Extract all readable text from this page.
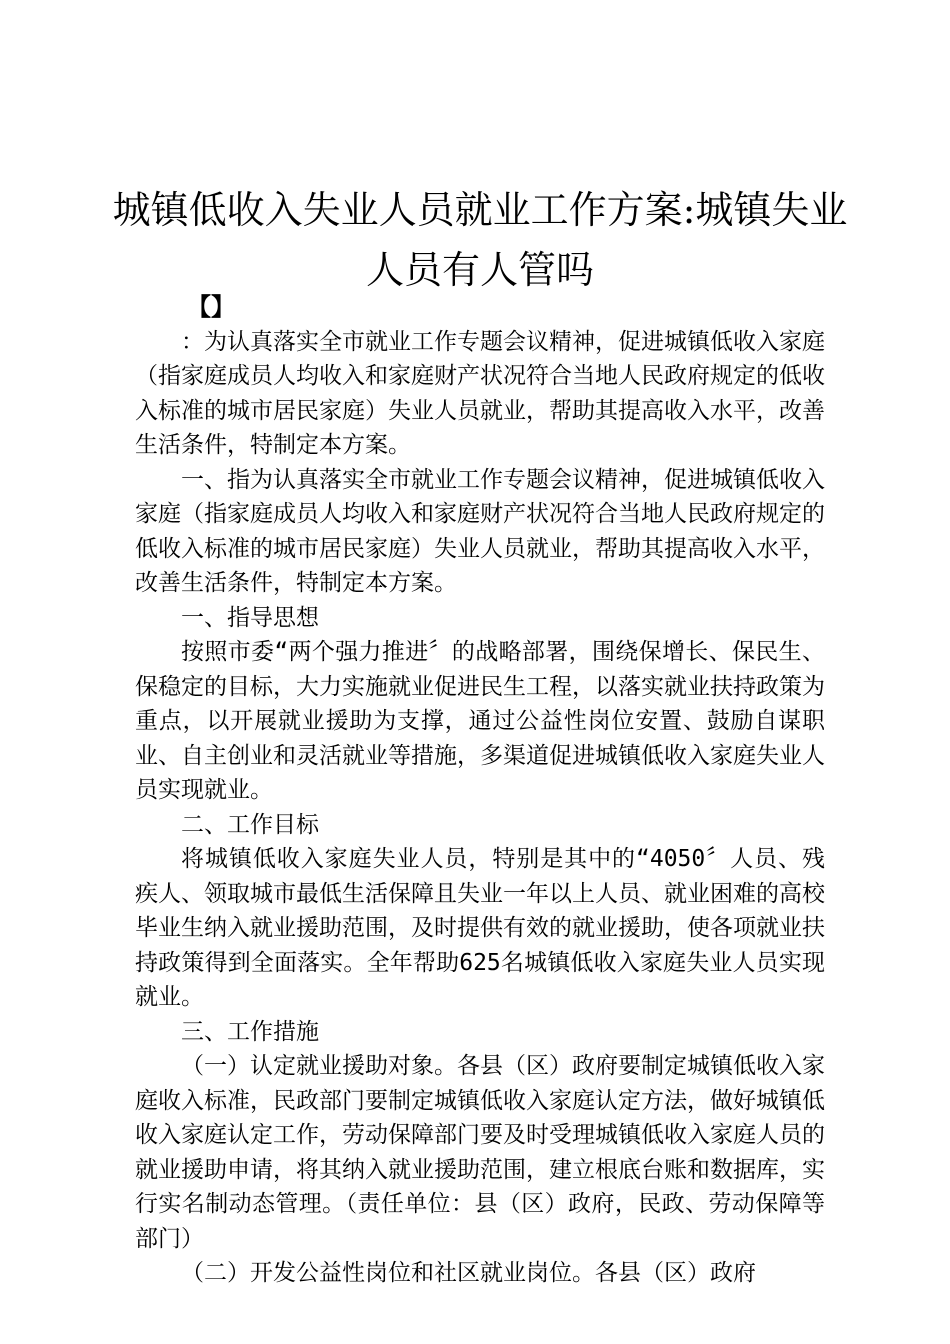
城镇低收入失业人员就业工作方案:城镇失业
人员有人管吗

【】

：为认真落实全市就业工作专题会议精神，促进城镇低收入家庭（指家庭成员人均收入和家庭财产状况符合当地人民政府规定的低收入标准的城市居民家庭）失业人员就业，帮助其提高收入水平，改善生活条件，特制定本方案。

一、指为认真落实全市就业工作专题会议精神，促进城镇低收入家庭（指家庭成员人均收入和家庭财产状况符合当地人民政府规定的低收入标准的城市居民家庭）失业人员就业，帮助其提高收入水平，改善生活条件，特制定本方案。

一、指导思想

按照市委“两个强力推进〞的战略部署，围绕保增长、保民生、保稳定的目标，大力实施就业促进民生工程，以落实就业扶持政策为重点，以开展就业援助为支撑，通过公益性岗位安置、鼓励自谋职业、自主创业和灵活就业等措施，多渠道促进城镇低收入家庭失业人员实现就业。

二、工作目标

将城镇低收入家庭失业人员，特别是其中的“4050〞人员、残疾人、领取城市最低生活保障且失业一年以上人员、就业困难的高校毕业生纳入就业援助范围，及时提供有效的就业援助，使各项就业扶持政策得到全面落实。全年帮助625名城镇低收入家庭失业人员实现就业。

三、工作措施

（一）认定就业援助对象。各县（区）政府要制定城镇低收入家庭收入标准，民政部门要制定城镇低收入家庭认定方法，做好城镇低收入家庭认定工作，劳动保障部门要及时受理城镇低收入家庭人员的就业援助申请，将其纳入就业援助范围，建立根底台账和数据库，实行实名制动态管理。（责任单位：县（区）政府，民政、劳动保障等部门）

（二）开发公益性岗位和社区就业岗位。各县（区）政府
